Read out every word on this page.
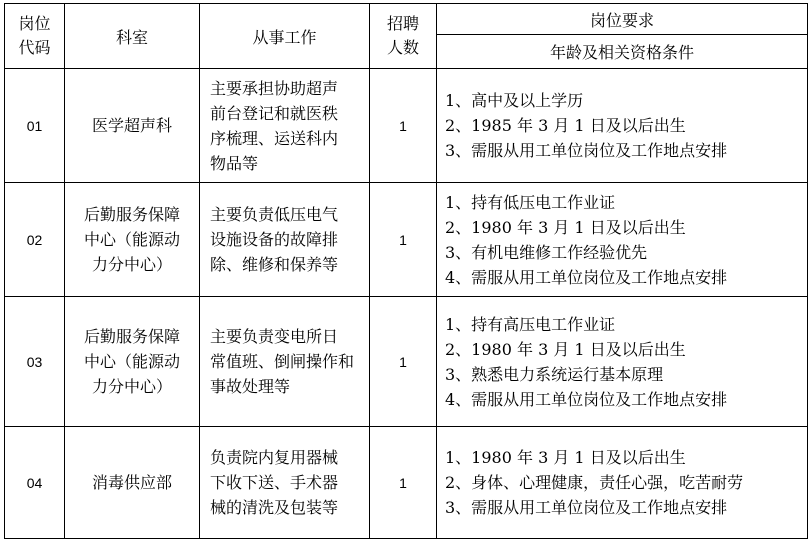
岗位
代码	科室	从事工作	招聘
人数	岗位要求
				年龄及相关资格条件
01	医学超声科	主要承担协助超声
前台登记和就医秩
序梳理、运送科内
物品等	1	1、高中及以上学历
2、1985 年 3 月 1 日及以后出生
3、需服从用工单位岗位及工作地点安排

02	后勤服务保障
中心（能源动
力分中心）	主要负责低压电气
设施设备的故障排
除、维修和保养等	1	1、持有低压电工作业证
2、1980 年 3 月 1 日及以后出生
3、有机电维修工作经验优先
4、需服从用工单位岗位及工作地点安排

03	后勤服务保障
中心（能源动
力分中心）	主要负责变电所日
常值班、倒闸操作和
事故处理等	1	1、持有高压电工作业证
2、1980 年 3 月 1 日及以后出生
3、熟悉电力系统运行基本原理
4、需服从用工单位岗位及工作地点安排

04	消毒供应部	负责院内复用器械
下收下送、手术器
械的清洗及包装等	1	1、1980 年 3 月 1 日及以后出生
2、身体、心理健康，责任心强，吃苦耐劳
3、需服从用工单位岗位及工作地点安排
